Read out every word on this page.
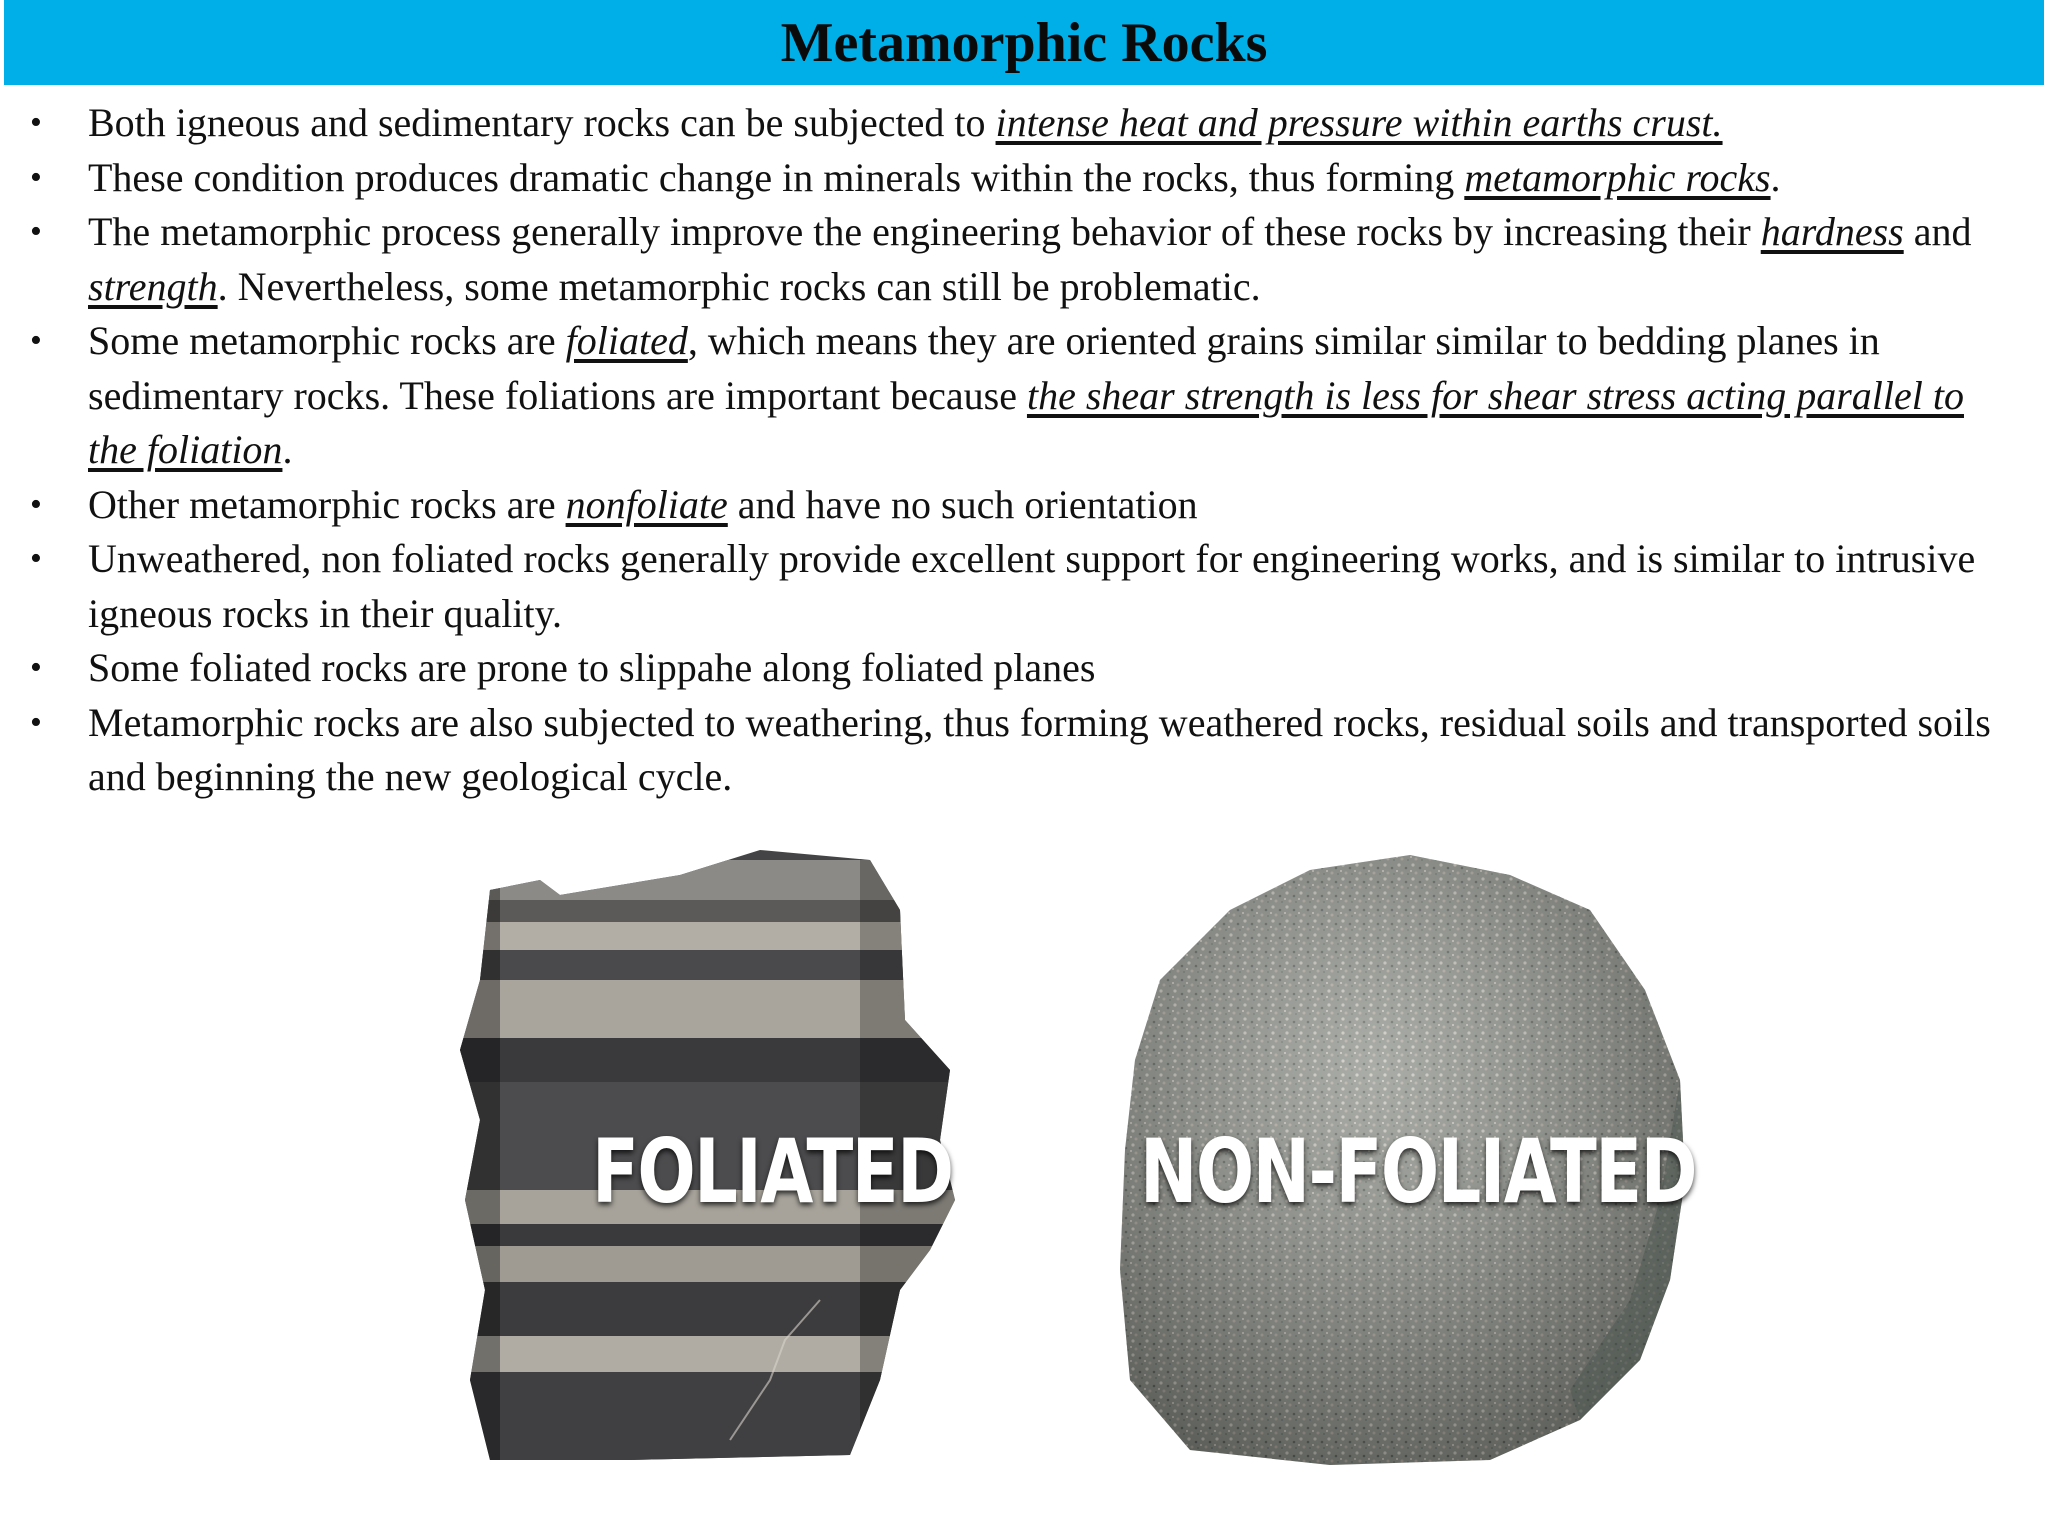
Metamorphic Rocks
• Both igneous and sedimentary rocks can be subjected to intense heat and pressure within earths crust.
• These condition produces dramatic change in minerals within the rocks, thus forming metamorphic rocks.
• The metamorphic process generally improve the engineering behavior of these rocks by increasing their hardness and strength. Nevertheless, some metamorphic rocks can still be problematic.
• Some metamorphic rocks are foliated, which means they are oriented grains similar similar to bedding planes in sedimentary rocks. These foliations are important because the shear strength is less for shear stress acting parallel to the foliation.
• Other metamorphic rocks are nonfoliate and have no such orientation
• Unweathered, non foliated rocks generally provide excellent support for engineering works, and is similar to intrusive igneous rocks in their quality.
• Some foliated rocks are prone to slippahe along foliated planes
• Metamorphic rocks are also subjected to weathering, thus forming weathered rocks, residual soils and transported soils and beginning the new geological cycle.
FOLIATED NON-FOLIATED
